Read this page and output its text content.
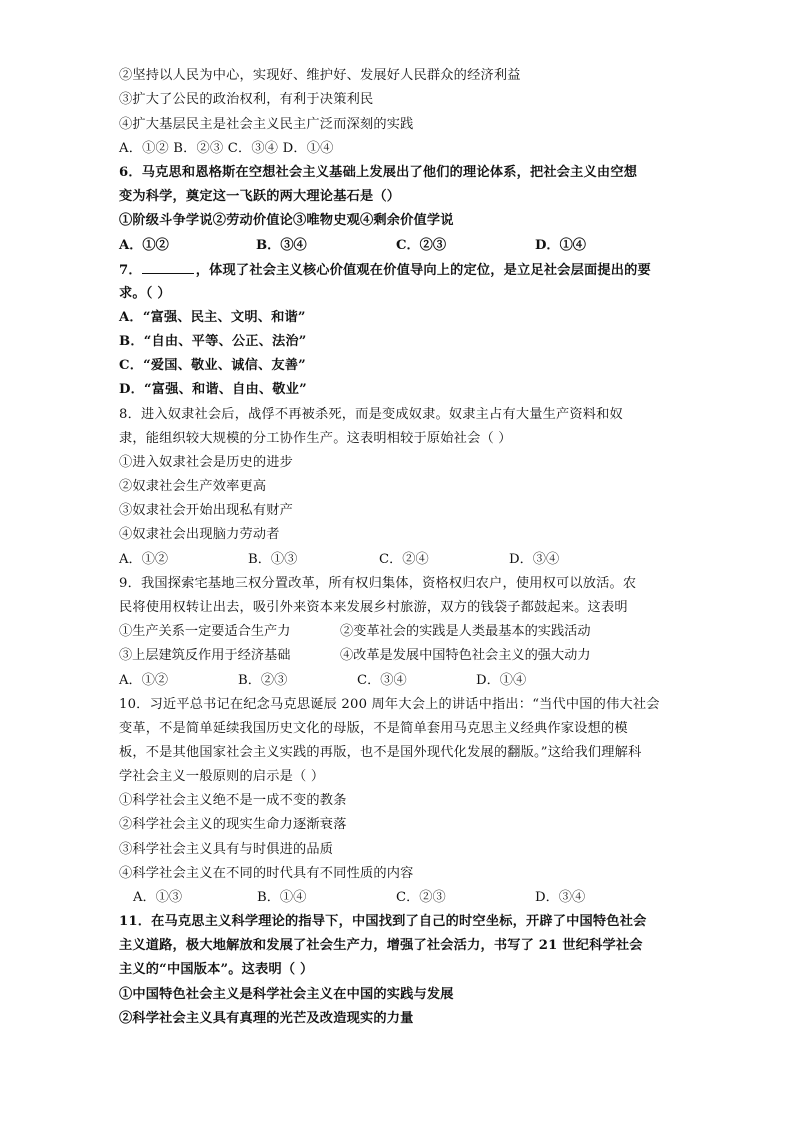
②坚持以人民为中心，实现好、维护好、发展好人民群众的经济利益
③扩大了公民的政治权利，有利于决策利民
④扩大基层民主是社会主义民主广泛而深刻的实践
A．①② B．②③ C．③④ D．①④
6．马克思和恩格斯在空想社会主义基础上发展出了他们的理论体系，把社会主义由空想
变为科学，奠定这一飞跃的两大理论基石是（）
①阶级斗争学说②劳动价值论③唯物史观④剩余价值学说
A．①②	B．③④	C．②③	D．①④
7．	，体现了社会主义核心价值观在价值导向上的定位，是立足社会层面提出的要
求。（ ）
A．“富强、民主、文明、和谐”
B．“自由、平等、公正、法治”
C．“爱国、敬业、诚信、友善”
D．“富强、和谐、自由、敬业”
8．进入奴隶社会后，战俘不再被杀死，而是变成奴隶。奴隶主占有大量生产资料和奴
隶，能组织较大规模的分工协作生产。这表明相较于原始社会（ ）
①进入奴隶社会是历史的进步
②奴隶社会生产效率更高
③奴隶社会开始出现私有财产
④奴隶社会出现脑力劳动者
A．①②	B．①③	C．②④	D．③④
9．我国探索宅基地三权分置改革，所有权归集体，资格权归农户，使用权可以放活。农
民将使用权转让出去，吸引外来资本来发展乡村旅游，双方的钱袋子都鼓起来。这表明
①生产关系一定要适合生产力	②变革社会的实践是人类最基本的实践活动
③上层建筑反作用于经济基础	④改革是发展中国特色社会主义的强大动力
A．①②	B．②③	C．③④	D．①④
10．习近平总书记在纪念马克思诞辰 200 周年大会上的讲话中指出：“当代中国的伟大社会
变革，不是简单延续我国历史文化的母版，不是简单套用马克思主义经典作家设想的模
板，不是其他国家社会主义实践的再版，也不是国外现代化发展的翻版。”这给我们理解科
学社会主义一般原则的启示是（ ）
①科学社会主义绝不是一成不变的教条
②科学社会主义的现实生命力逐渐衰落
③科学社会主义具有与时俱进的品质
④科学社会主义在不同的时代具有不同性质的内容
A．①③	B．①④	C．②③	D．③④
11．在马克思主义科学理论的指导下，中国找到了自己的时空坐标，开辟了中国特色社会
主义道路，极大地解放和发展了社会生产力，增强了社会活力，书写了 21 世纪科学社会
主义的“中国版本”。这表明（ ）
①中国特色社会主义是科学社会主义在中国的实践与发展
②科学社会主义具有真理的光芒及改造现实的力量
